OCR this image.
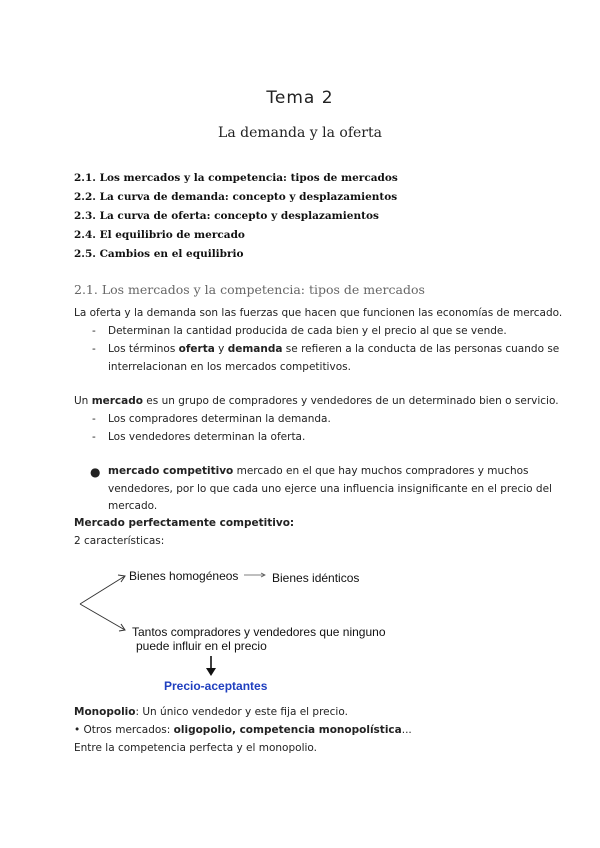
Tema 2
La demanda y la oferta
2.1. Los mercados y la competencia: tipos de mercados
2.2. La curva de demanda: concepto y desplazamientos
2.3. La curva de oferta: concepto y desplazamientos
2.4. El equilibrio de mercado
2.5. Cambios en el equilibrio
2.1. Los mercados y la competencia: tipos de mercados
La oferta y la demanda son las fuerzas que hacen que funcionen las economías de mercado.
- Determinan la cantidad producida de cada bien y el precio al que se vende.
- Los términos oferta y demanda se refieren a la conducta de las personas cuando se
interrelacionan en los mercados competitivos.
Un mercado es un grupo de compradores y vendedores de un determinado bien o servicio.
- Los compradores determinan la demanda.
- Los vendedores determinan la oferta.
● mercado competitivo mercado en el que hay muchos compradores y muchos
vendedores, por lo que cada uno ejerce una influencia insignificante en el precio del
mercado.
Mercado perfectamente competitivo:
2 características:
Bienes homogéneos	Bienes idénticos
Tantos compradores y vendedores que ninguno
puede influir en el precio
Precio-aceptantes
Monopolio: Un único vendedor y este fija el precio.
• Otros mercados: oligopolio, competencia monopolística...
Entre la competencia perfecta y el monopolio.
